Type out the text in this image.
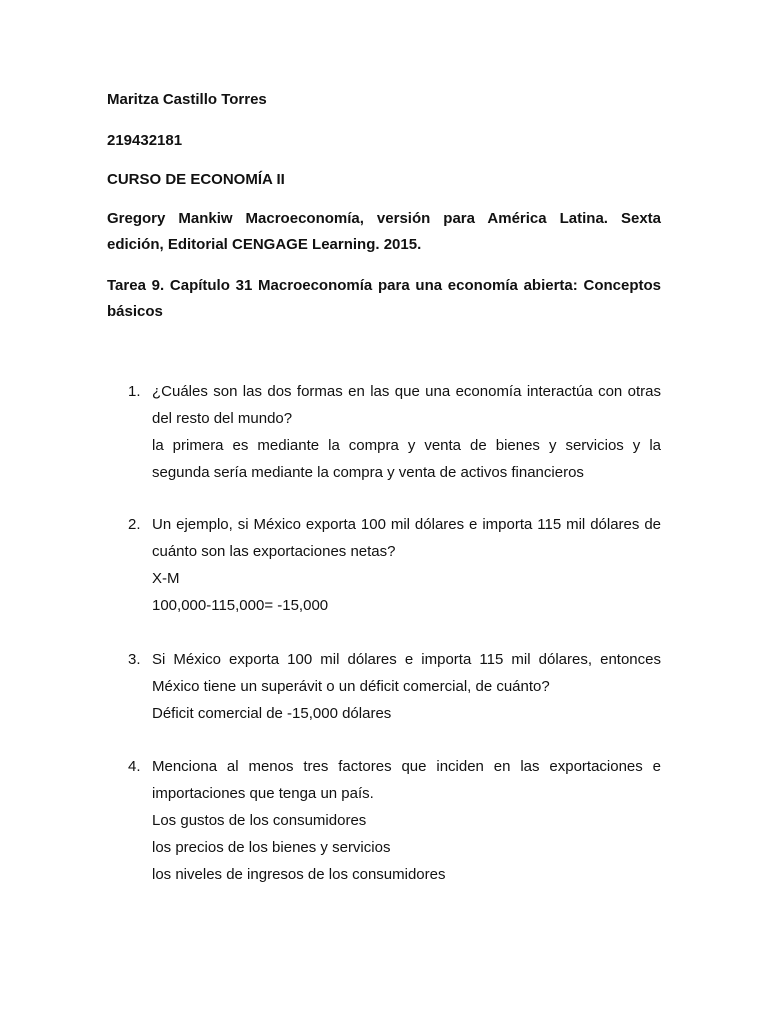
Maritza Castillo Torres
219432181
CURSO DE ECONOMÍA II
Gregory Mankiw Macroeconomía, versión para América Latina. Sexta
edición, Editorial CENGAGE Learning. 2015.
Tarea 9. Capítulo 31 Macroeconomía para una economía abierta: Conceptos
básicos
1. ¿Cuáles son las dos formas en las que una economía interactúa con otras
del resto del mundo?
la primera es mediante la compra y venta de bienes y servicios y la
segunda sería mediante la compra y venta de activos financieros
2. Un ejemplo, si México exporta 100 mil dólares e importa 115 mil dólares de
cuánto son las exportaciones netas?
X-M
100,000-115,000= -15,000
3. Si México exporta 100 mil dólares e importa 115 mil dólares, entonces
México tiene un superávit o un déficit comercial, de cuánto?
Déficit comercial de -15,000 dólares
4. Menciona al menos tres factores que inciden en las exportaciones e
importaciones que tenga un país.
Los gustos de los consumidores
los precios de los bienes y servicios
los niveles de ingresos de los consumidores
